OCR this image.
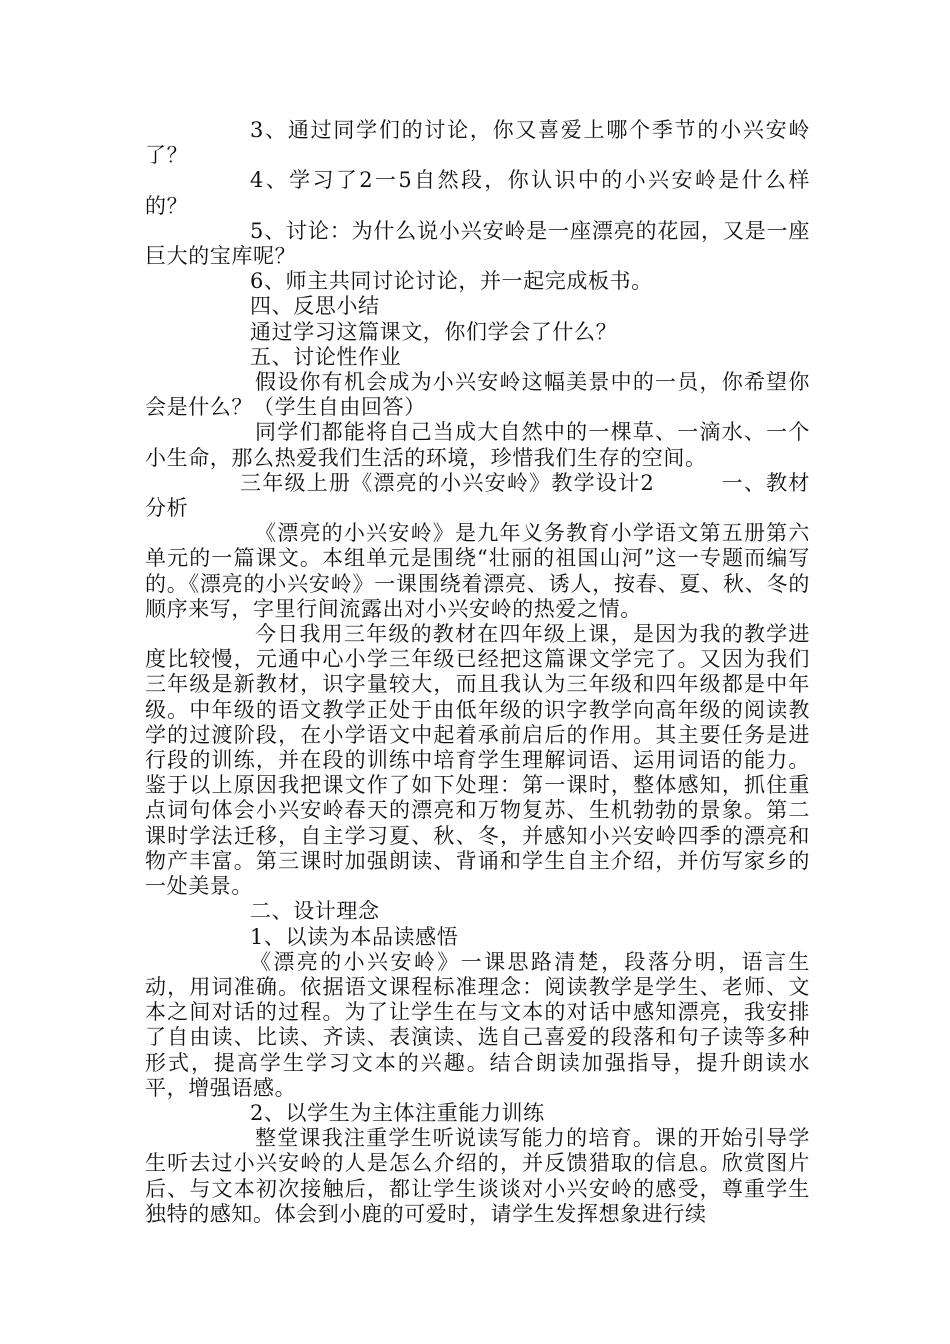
3、通过同学们的讨论，你又喜爱上哪个季节的小兴安岭了？

4、学习了2一5自然段，你认识中的小兴安岭是什么样的？

5、讨论：为什么说小兴安岭是一座漂亮的花园，又是一座巨大的宝库呢？

6、师主共同讨论讨论，并一起完成板书。

四、反思小结

通过学习这篇课文，你们学会了什么？

五、讨论性作业

假设你有机会成为小兴安岭这幅美景中的一员，你希望你会是什么？（学生自由回答）

同学们都能将自己当成大自然中的一棵草、一滴水、一个小生命，那么热爱我们生活的环境，珍惜我们生存的空间。

三年级上册《漂亮的小兴安岭》教学设计2　　　一、教材分析

《漂亮的小兴安岭》是九年义务教育小学语文第五册第六单元的一篇课文。本组单元是围绕“壮丽的祖国山河”这一专题而编写的。《漂亮的小兴安岭》一课围绕着漂亮、诱人，按春、夏、秋、冬的顺序来写，字里行间流露出对小兴安岭的热爱之情。

今日我用三年级的教材在四年级上课，是因为我的教学进度比较慢，元通中心小学三年级已经把这篇课文学完了。又因为我们三年级是新教材，识字量较大，而且我认为三年级和四年级都是中年级。中年级的语文教学正处于由低年级的识字教学向高年级的阅读教学的过渡阶段，在小学语文中起着承前启后的作用。其主要任务是进行段的训练，并在段的训练中培育学生理解词语、运用词语的能力。鉴于以上原因我把课文作了如下处理：第一课时，整体感知，抓住重点词句体会小兴安岭春天的漂亮和万物复苏、生机勃勃的景象。第二课时学法迁移，自主学习夏、秋、冬，并感知小兴安岭四季的漂亮和物产丰富。第三课时加强朗读、背诵和学生自主介绍，并仿写家乡的一处美景。

二、设计理念

1、以读为本品读感悟

《漂亮的小兴安岭》一课思路清楚，段落分明，语言生动，用词准确。依据语文课程标准理念：阅读教学是学生、老师、文本之间对话的过程。为了让学生在与文本的对话中感知漂亮，我安排了自由读、比读、齐读、表演读、选自己喜爱的段落和句子读等多种形式，提高学生学习文本的兴趣。结合朗读加强指导，提升朗读水平，增强语感。

2、以学生为主体注重能力训练

整堂课我注重学生听说读写能力的培育。课的开始引导学生听去过小兴安岭的人是怎么介绍的，并反馈猎取的信息。欣赏图片后、与文本初次接触后，都让学生谈谈对小兴安岭的感受，尊重学生独特的感知。体会到小鹿的可爱时，请学生发挥想象进行续
